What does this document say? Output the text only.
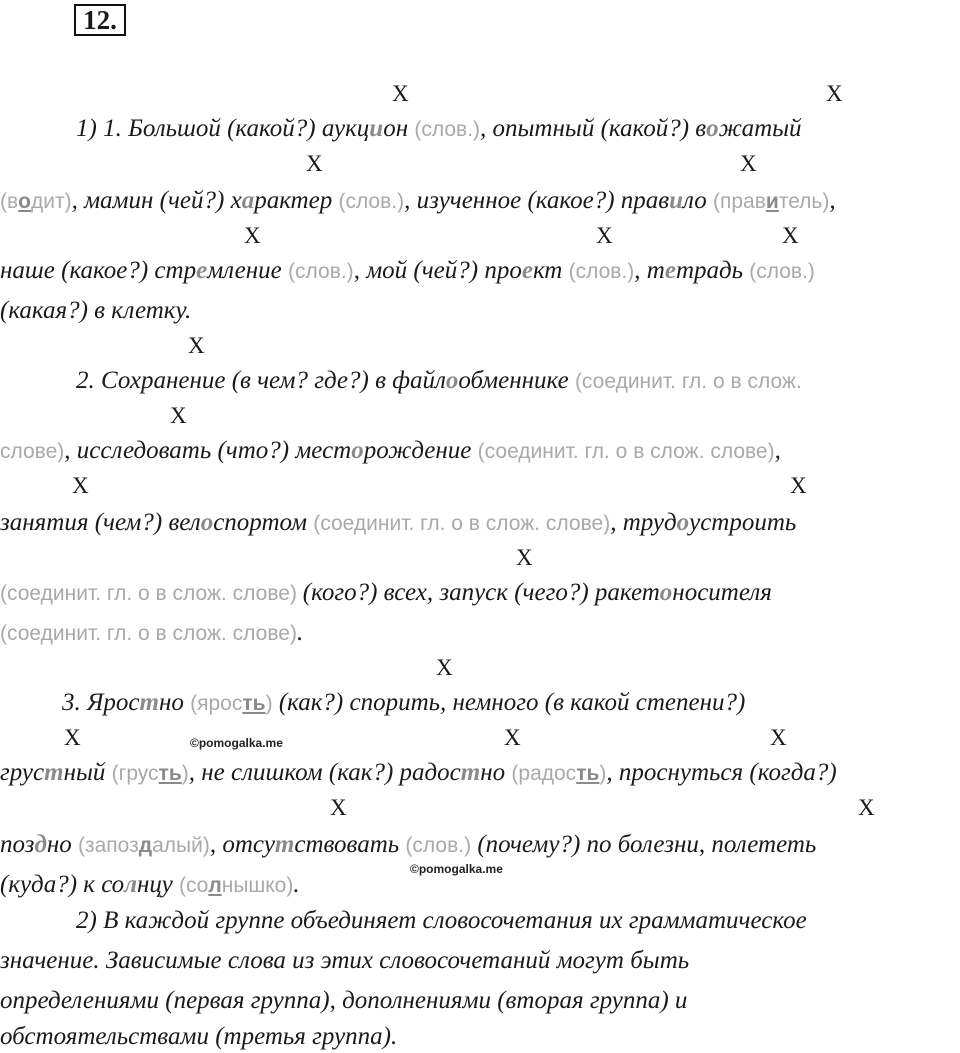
12.
X	X
X	X
X	X	X
X
X
X	X
X
X
X	X	X
X	X
1) 1. Большой (какой?) аукцион (слов.), опытный (какой?) вожатый
(водит), мамин (чей?) характер (слов.), изученное (какое?) правило (правитель),
наше (какое?) стремление (слов.), мой (чей?) проект (слов.), тетрадь (слов.)
(какая?) в клетку.
2. Сохранение (в чем? где?) в файлообменнике (соединит. гл. о в слож.
слове), исследовать (что?) месторождение (соединит. гл. о в слож. слове),
занятия (чем?) велоспортом (соединит. гл. о в слож. слове), трудоустроить
(соединит. гл. о в слож. слове) (кого?) всех, запуск (чего?) ракетоносителя
(соединит. гл. о в слож. слове).
3. Яростно (ярость) (как?) спорить, немного (в какой степени?)
©pomogalka.me
грустный (грусть), не слишком (как?) радостно (радость), проснуться (когда?)
поздно (запоздалый), отсутствовать (слов.) (почему?) по болезни, полететь
©pomogalka.me
(куда?) к солнцу (солнышко).
2) В каждой группе объединяет словосочетания их грамматическое
значение. Зависимые слова из этих словосочетаний могут быть
определениями (первая группа), дополнениями (вторая группа) и
обстоятельствами (третья группа).
